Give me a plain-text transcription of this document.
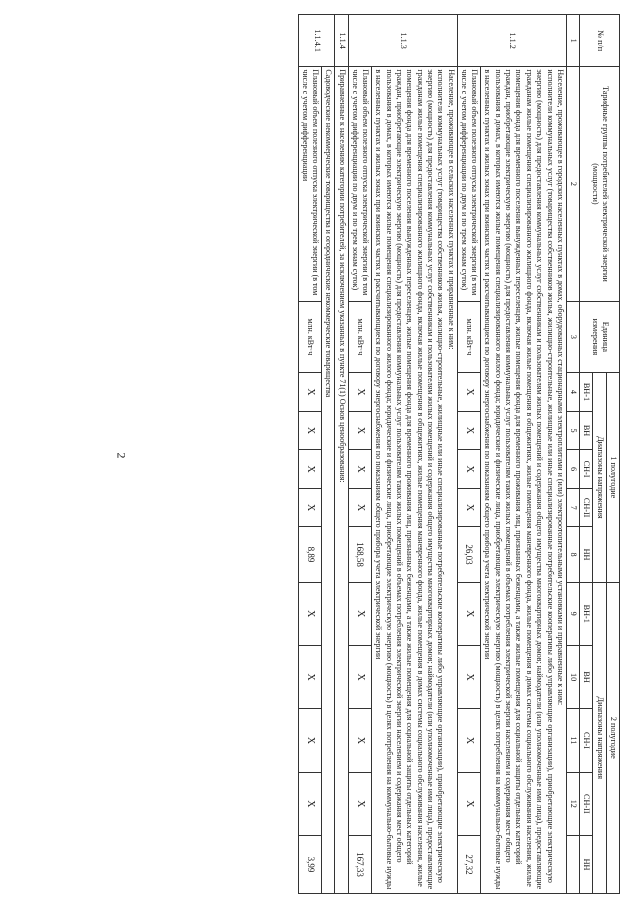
2
№ п/п	Тарифные группы потребителей электрической энергии (мощности)	Единица измерения	1 полугодие					2 полугодие				
			Диапазоны напряжения					Диапазоны напряжения				
			ВН-1	ВН	СН-I	СН-II	НН	ВН-1	ВН	СН-I	СН-II	НН
1	2	3	4	5	6	7	8	9	10	11	12	
1.1.2	Население, проживающее в городских населенных пунктах в домах, оборудованных стационарными электроплитами и (или) электроотопительными установками и приравненные к ним:
исполнители коммунальных услуг (товарищества собственников жилья, жилищно-строительные, жилищные или иные специализированные потребительские кооперативы либо управляющие организации), приобретающие электрическую энергию (мощность) для предоставления коммунальных услуг собственникам и пользователям жилых помещений и содержания общего имущества многоквартирных домов; наймодатели (или уполномоченные ими лица), предоставляющие гражданам жилые помещения специализированного жилищного фонда, включая жилые помещения в общежитиях, жилые помещения маневренного фонда, жилые помещения в домах системы социального обслуживания населения, жилые помещения фонда для временного поселения вынужденных переселенцев, жилые помещения фонда для временного проживания лиц, признанных беженцами, а также жилые помещения для социальной защиты отдельных категорий граждан, приобретающие электрическую энергию (мощность) для предоставления коммунальных услуг пользователям таких жилых помещений в объемах потребления электрической энергии населением и содержания мест общего пользования в домах, в которых имеются жилые помещения специализированного жилого фонда; юридические и физические лица, приобретающие электрическую энергию (мощность) в целях потребления на коммунально-бытовые нужды в населенных пунктах и жилых зонах при воинских частях и рассчитывающиеся по договору энергоснабжения по показаниям общего прибора учета электрической энергии											
	Плановый объем полезного отпуска электрической энергии (в том числе с учетом дифференциации по двум и по трем зонам суток)	млн. кВт·ч	X	X	X	X	26,03	X	X	X	X	27,32
1.1.3	Население, проживающее в сельских населенных пунктах и приравненные к ним:
исполнители коммунальных услуг (товарищества собственников жилья, жилищно-строительные, жилищные или иные специализированные потребительские кооперативы либо управляющие организации), приобретающие электрическую энергию (мощность) для предоставления коммунальных услуг собственникам и пользователям жилых помещений и содержания общего имущества многоквартирных домов; наймодатели (или уполномоченные ими лица), предоставляющие гражданам жилые помещения специализированного жилищного фонда, включая жилые помещения в общежитиях, жилые помещения маневренного фонда, жилые помещения в домах системы социального обслуживания населения, жилые помещения фонда для временного поселения вынужденных переселенцев, жилые помещения фонда для временного проживания лиц, признанных беженцами, а также жилые помещения для социальной защиты отдельных категорий граждан, приобретающие электрическую энергию (мощность) для предоставления коммунальных услуг пользователям таких жилых помещений в объемах потребления электрической энергии населением и содержания мест общего пользования в домах, в которых имеются жилые помещения специализированного жилого фонда; юридические и физические лица, приобретающие электрическую энергию (мощность) в целях потребления на коммунально-бытовые нужды в населенных пунктах и жилых зонах при воинских частях и рассчитывающиеся по договору энергоснабжения по показаниям общего прибора учета электрической энергии											
	Плановый объем полезного отпуска электрической энергии (в том числе с учетом дифференциации по двум и по трем зонам суток)	млн. кВт·ч	X	X	X	X	168,58	X	X	X	X	167,33
1.1.4	Приравненные к населению категории потребителей, за исключением указанных в пункте 71(1) Основ ценообразования:											
1.1.4.1	Садоводческие некоммерческие товарищества и огороднические некоммерческие товарищества											
	Плановый объем полезного отпуска электрической энергии (в том числе с учетом дифференциации	млн. кВт·ч	X	X	X	X	8,89	X	X	X	X	3,99
